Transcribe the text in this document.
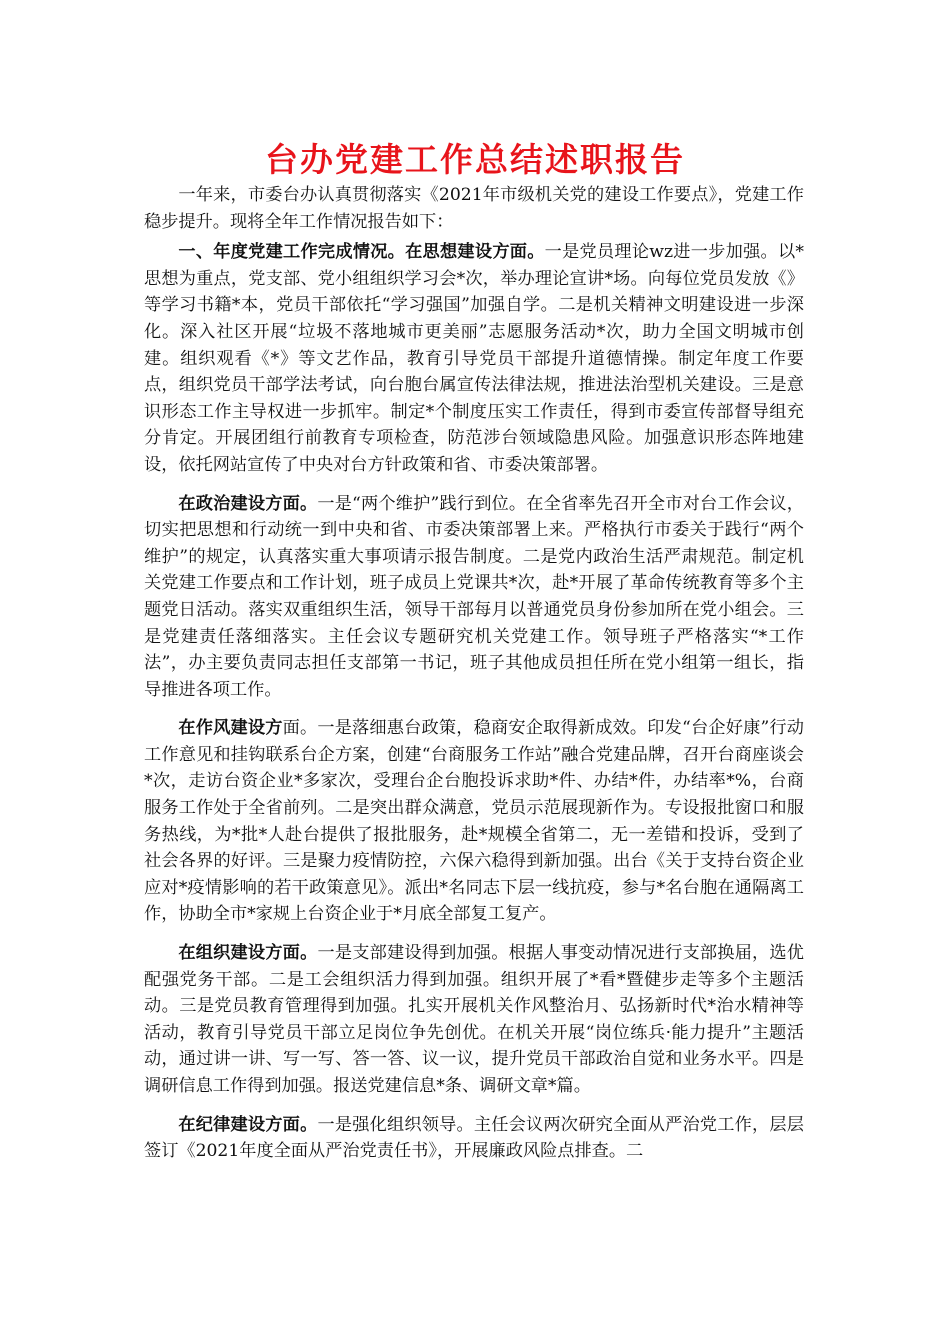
台办党建工作总结述职报告

一年来，市委台办认真贯彻落实《2021年市级机关党的建设工作要点》，党建工作稳步提升。现将全年工作情况报告如下：

一、年度党建工作完成情况。在思想建设方面。一是党员理论wz进一步加强。以*思想为重点，党支部、党小组组织学习会*次，举办理论宣讲*场。向每位党员发放《》等学习书籍*本，党员干部依托“学习强国”加强自学。二是机关精神文明建设进一步深化。深入社区开展“垃圾不落地城市更美丽”志愿服务活动*次，助力全国文明城市创建。组织观看《*》等文艺作品，教育引导党员干部提升道德情操。制定年度工作要点，组织党员干部学法考试，向台胞台属宣传法律法规，推进法治型机关建设。三是意识形态工作主导权进一步抓牢。制定*个制度压实工作责任，得到市委宣传部督导组充分肯定。开展团组行前教育专项检查，防范涉台领域隐患风险。加强意识形态阵地建设，依托网站宣传了中央对台方针政策和省、市委决策部署。

在政治建设方面。一是“两个维护”践行到位。在全省率先召开全市对台工作会议，切实把思想和行动统一到中央和省、市委决策部署上来。严格执行市委关于践行“两个维护”的规定，认真落实重大事项请示报告制度。二是党内政治生活严肃规范。制定机关党建工作要点和工作计划，班子成员上党课共*次，赴*开展了革命传统教育等多个主题党日活动。落实双重组织生活，领导干部每月以普通党员身份参加所在党小组会。三是党建责任落细落实。主任会议专题研究机关党建工作。领导班子严格落实“*工作法”，办主要负责同志担任支部第一书记，班子其他成员担任所在党小组第一组长，指导推进各项工作。

在作风建设方面。一是落细惠台政策，稳商安企取得新成效。印发“台企好康”行动工作意见和挂钩联系台企方案，创建“台商服务工作站”融合党建品牌，召开台商座谈会*次，走访台资企业*多家次，受理台企台胞投诉求助*件、办结*件，办结率*%，台商服务工作处于全省前列。二是突出群众满意，党员示范展现新作为。专设报批窗口和服务热线，为*批*人赴台提供了报批服务，赴*规模全省第二，无一差错和投诉，受到了社会各界的好评。三是聚力疫情防控，六保六稳得到新加强。出台《关于支持台资企业应对*疫情影响的若干政策意见》。派出*名同志下层一线抗疫，参与*名台胞在通隔离工作，协助全市*家规上台资企业于*月底全部复工复产。

在组织建设方面。一是支部建设得到加强。根据人事变动情况进行支部换届，选优配强党务干部。二是工会组织活力得到加强。组织开展了*看*暨健步走等多个主题活动。三是党员教育管理得到加强。扎实开展机关作风整治月、弘扬新时代*治水精神等活动，教育引导党员干部立足岗位争先创优。在机关开展“岗位练兵·能力提升”主题活动，通过讲一讲、写一写、答一答、议一议，提升党员干部政治自觉和业务水平。四是调研信息工作得到加强。报送党建信息*条、调研文章*篇。

在纪律建设方面。一是强化组织领导。主任会议两次研究全面从严治党工作，层层签订《2021年度全面从严治党责任书》，开展廉政风险点排查。二
